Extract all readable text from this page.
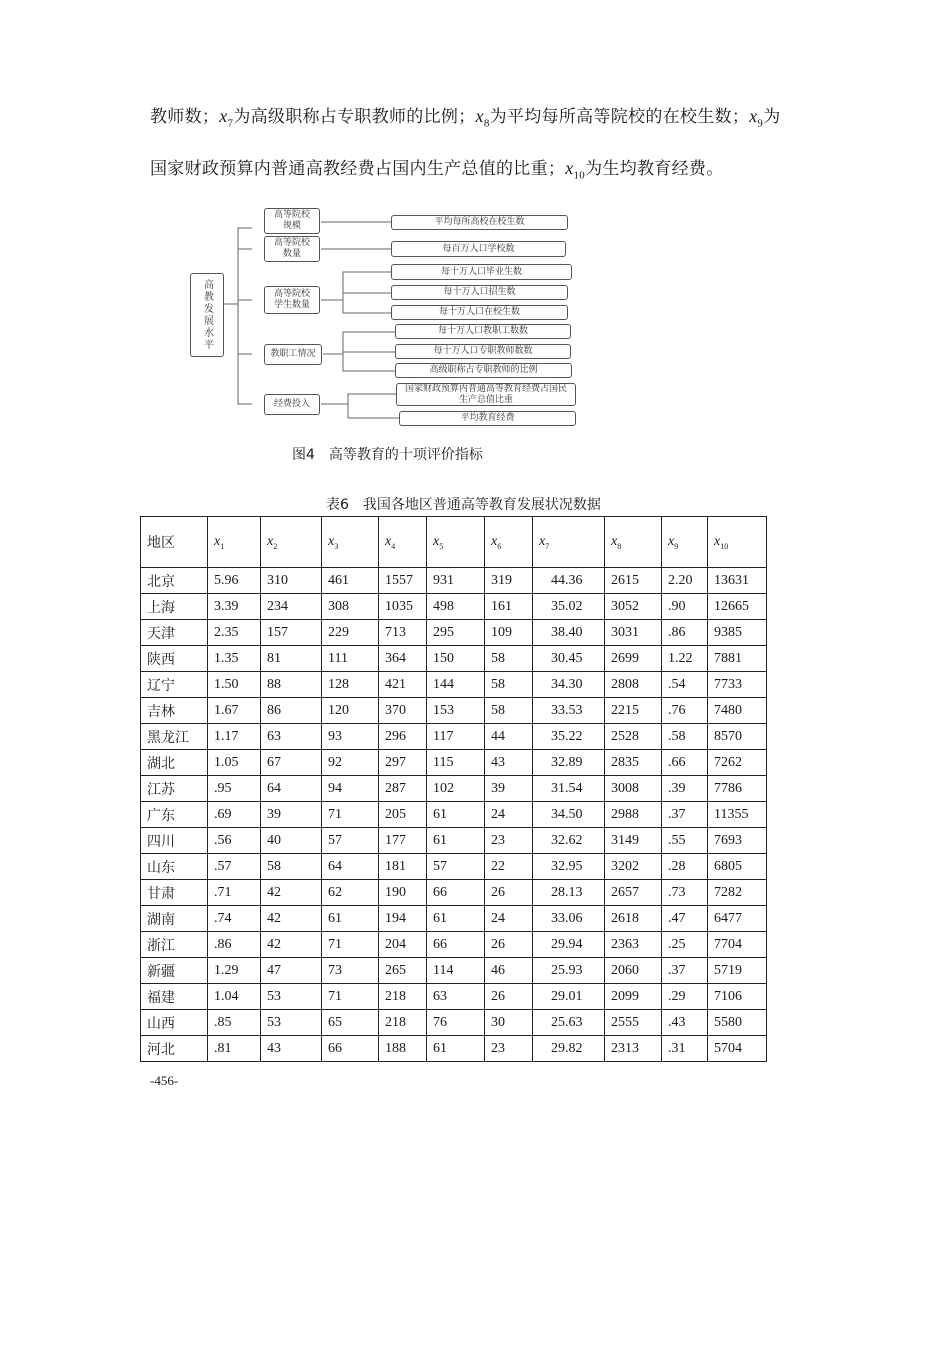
教师数；$x_7$为高级职称占专职教师的比例；$x_8$为平均每所高等院校的在校生数；$x_9$为
国家财政预算内普通高教经费占国内生产总值的比重；$x_{10}$为生均教育经费。
高教发展水平
高等院校规模
高等院校数量
高等院校学生数量
教职工情况
经费投入
平均每所高校在校生数
每百万人口学校数
每十万人口毕业生数
每十万人口招生数
每十万人口在校生数
每十万人口教职工数数
每十万人口专职教师数数
高级职称占专职教师的比例
国家财政预算内普通高等教育经费占国民生产总值比重
平均教育经费
图4　高等教育的十项评价指标
表6　我国各地区普通高等教育发展状况数据
地区	$x_1$	$x_2$	$x_3$	$x_4$	$x_5$	$x_6$	$x_7$	$x_8$	$x_9$	$x_{10}$
北京	5.96	310	461	1557	931	319	44.36	2615	2.20	13631
上海	3.39	234	308	1035	498	161	35.02	3052	.90	12665
天津	2.35	157	229	713	295	109	38.40	3031	.86	9385
陕西	1.35	81	111	364	150	58	30.45	2699	1.22	7881
辽宁	1.50	88	128	421	144	58	34.30	2808	.54	7733
吉林	1.67	86	120	370	153	58	33.53	2215	.76	7480
黑龙江	1.17	63	93	296	117	44	35.22	2528	.58	8570
湖北	1.05	67	92	297	115	43	32.89	2835	.66	7262
江苏	.95	64	94	287	102	39	31.54	3008	.39	7786
广东	.69	39	71	205	61	24	34.50	2988	.37	11355
四川	.56	40	57	177	61	23	32.62	3149	.55	7693
山东	.57	58	64	181	57	22	32.95	3202	.28	6805
甘肃	.71	42	62	190	66	26	28.13	2657	.73	7282
湖南	.74	42	61	194	61	24	33.06	2618	.47	6477
浙江	.86	42	71	204	66	26	29.94	2363	.25	7704
新疆	1.29	47	73	265	114	46	25.93	2060	.37	5719
福建	1.04	53	71	218	63	26	29.01	2099	.29	7106
山西	.85	53	65	218	76	30	25.63	2555	.43	5580
河北	.81	43	66	188	61	23	29.82	2313	.31	5704
-456-
